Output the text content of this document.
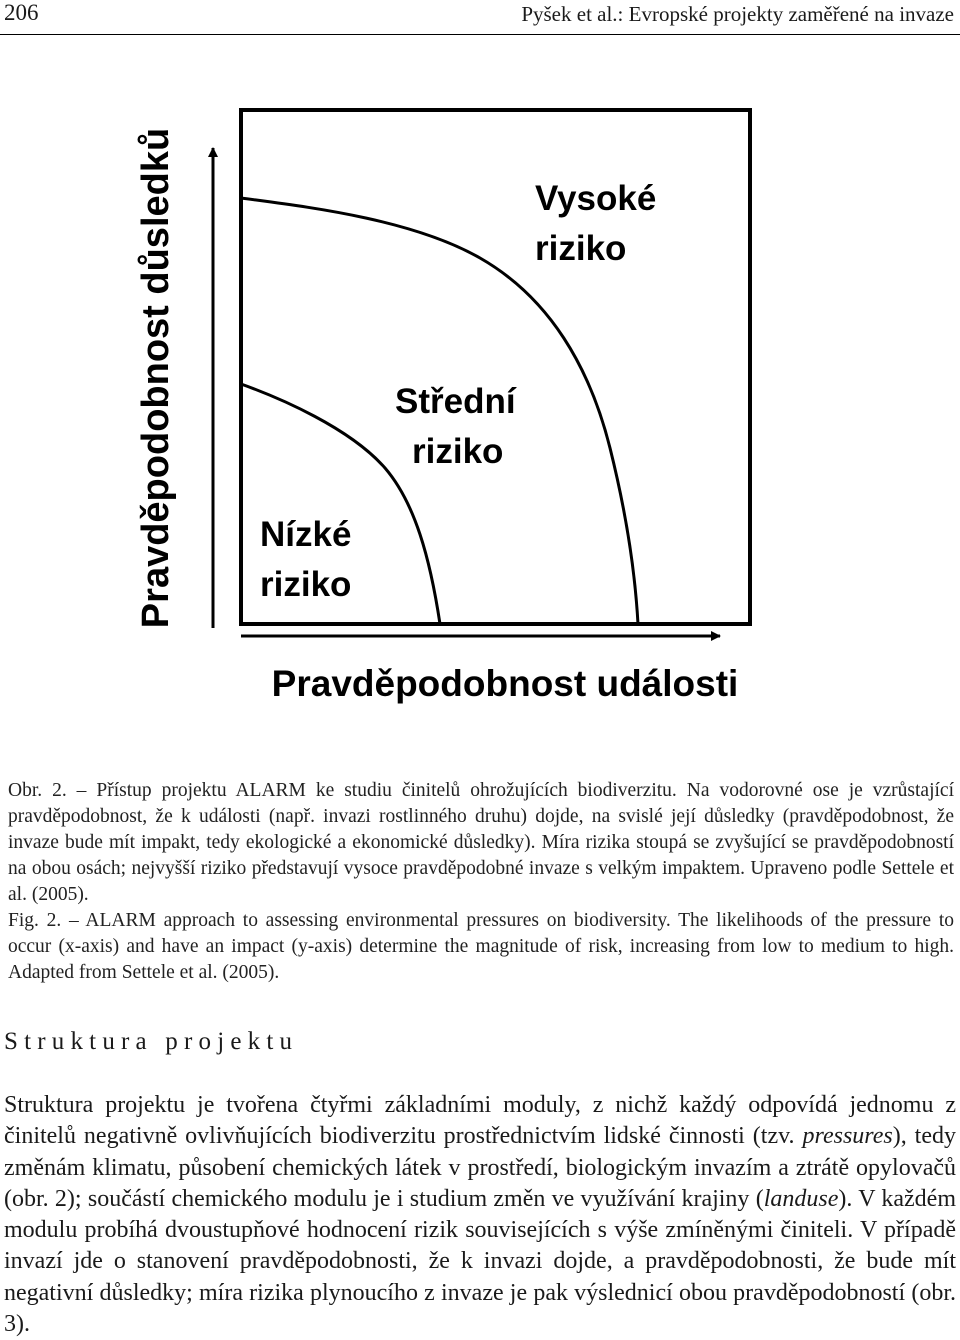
206	Pyšek et al.: Evropské projekty zaměřené na invaze
Pravděpodobnost důsledků
Pravděpodobnost události
Nízké
riziko
Střední
riziko
Vysoké
riziko

Obr. 2. – Přístup projektu ALARM ke studiu činitelů ohrožujících biodiverzitu. Na vodorovné ose je vzrůstající pravděpodobnost, že k události (např. invazi rostlinného druhu) dojde, na svislé její důsledky (pravděpodobnost, že invaze bude mít impakt, tedy ekologické a ekonomické důsledky). Míra rizika stoupá se zvyšující se pravděpodobností na obou osách; nejvyšší riziko představují vysoce pravděpodobné invaze s velkým impaktem. Upraveno podle Settele et al. (2005).

Fig. 2. – ALARM approach to assessing environmental pressures on biodiversity. The likelihoods of the pressure to occur (x-axis) and have an impact (y-axis) determine the magnitude of risk, increasing from low to medium to high. Adapted from Settele et al. (2005).

Struktura projektu

Struktura projektu je tvořena čtyřmi základními moduly, z nichž každý odpovídá jednomu z činitelů negativně ovlivňujících biodiverzitu prostřednictvím lidské činnosti (tzv. pressures), tedy změnám klimatu, působení chemických látek v prostředí, biologickým invazím a ztrátě opylovačů (obr. 2); součástí chemického modulu je i studium změn ve využívání krajiny (landuse). V každém modulu probíhá dvoustupňové hodnocení rizik souvisejících s výše zmíněnými činiteli. V případě invazí jde o stanovení pravděpodobnosti, že k invazi dojde, a pravděpodobnosti, že bude mít negativní důsledky; míra rizika plynoucího z invaze je pak výslednicí obou pravděpodobností (obr. 3).
